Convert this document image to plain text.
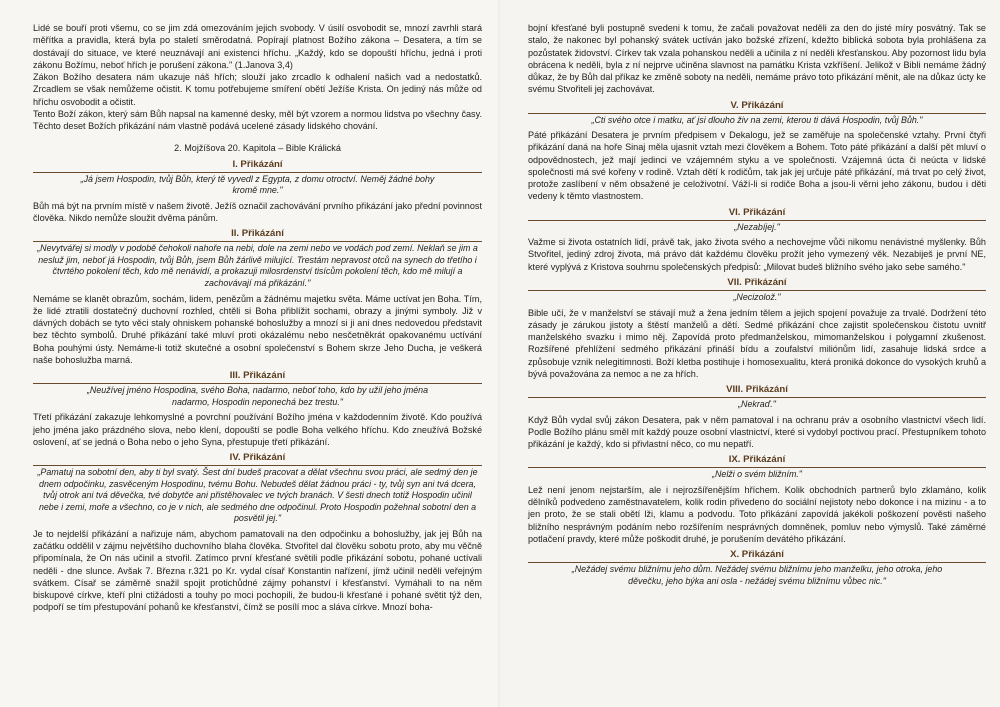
Lidé se bouří proti všemu, co se jim zdá omezováním jejich svobody. V úsilí osvobodit se, mnozí zavrhli stará měřítka a pravidla, která byla po staletí směrodatná. Popírají platnost Božího zákona – Desatera, a tím se dostávají do situace, ve které neuznávají ani existenci hříchu. „Každý, kdo se dopouští hříchu, jedná i proti zákonu Božímu, neboť hřích je porušení zákona." (1.Janova 3,4)

Zákon Božího desatera nám ukazuje náš hřích; slouží jako zrcadlo k odhalení našich vad a nedostatků. Zrcadlem se však nemůžeme očistit. K tomu potřebujeme smíření obětí Ježíše Krista. On jediný nás může od hříchu osvobodit a očistit.

Tento Boží zákon, který sám Bůh napsal na kamenné desky, měl být vzorem a normou lidstva po všechny časy. Těchto deset Božích přikázání nám vlastně podává ucelené zásady lidského chování.

2. Mojžíšova 20. Kapitola – Bible Králická
I. Přikázání
„Já jsem Hospodin, tvůj Bůh, který tě vyvedl z Egypta, z domu otroctví. Neměj žádné bohy kromě mne."

Bůh má být na prvním místě v našem životě. Ježíš označil zachovávání prvního přikázání jako přední povinnost člověka. Nikdo nemůže sloužit dvěma pánům.

II. Přikázání
„Nevytvářej si modly v podobě čehokoli nahoře na nebi, dole na zemi nebo ve vodách pod zemí. Neklaň se jim a nesluž jim, neboť já Hospodin, tvůj Bůh, jsem Bůh žárlivě milující. Trestám nepravost otců na synech do třetího i čtvrtého pokolení těch, kdo mě nenávidí, a prokazuji milosrdenství tisícům pokolení těch, kdo mě milují a zachovávají má přikázání."

Nemáme se klanět obrazům, sochám, lidem, penězům a žádnému majetku světa. Máme uctívat jen Boha. Tím, že lidé ztratili dostatečný duchovní rozhled, chtěli si Boha přiblížit sochami, obrazy a jinými symboly. Již v dávných dobách se tyto věci staly ohniskem pohanské bohoslužby a mnozí si ji ani dnes nedovedou představit bez těchto symbolů. Druhé přikázání také mluví proti okázalému nebo nesčetněkrát opakovanému uctívání Boha pouhými ústy. Nemáme-li totiž skutečné a osobní společenství s Bohem skrze Jeho Ducha, je veškerá naše bohoslužba marná.

III. Přikázání
„Neužívej jméno Hospodina, svého Boha, nadarmo, neboť toho, kdo by užil jeho jména nadarmo, Hospodin neponechá bez trestu."

Třetí přikázání zakazuje lehkomyslné a povrchní používání Božího jména v každodenním životě. Kdo používá jeho jména jako prázdného slova, nebo klení, dopouští se podle Boha velkého hříchu. Kdo zneužívá Božské oslovení, ať se jedná o Boha nebo o jeho Syna, přestupuje třetí přikázání.

IV. Přikázání
„Pamatuj na sobotní den, aby ti byl svatý. Šest dní budeš pracovat a dělat všechnu svou práci, ale sedmý den je dnem odpočinku, zasvěceným Hospodinu, tvému Bohu. Nebudeš dělat žádnou práci - ty, tvůj syn ani tvá dcera, tvůj otrok ani tvá děvečka, tvé dobytče ani přistěhovalec ve tvých branách. V šesti dnech totiž Hospodin učinil nebe i zemi, moře a všechno, co je v nich, ale sedmého dne odpočinul. Proto Hospodin požehnal sobotní den a posvětil jej."

Je to nejdelší přikázání a nařizuje nám, abychom pamatovali na den odpočinku a bohoslužby, jak jej Bůh na začátku oddělil v zájmu největšího duchovního blaha člověka. Stvořitel dal člověku sobotu proto, aby mu věčně připomínala, že On nás učinil a stvořil. Zatímco první křesťané světili podle přikázání sobotu, pohané uctívali neděli - dne slunce. Avšak 7. Března r.321 po Kr. vydal císař Konstantin nařízení, jímž učinil neděli veřejným svátkem. Císař se záměrně snažil spojit protichůdné zájmy pohanství i křesťanství. Vymáhali to na něm biskupové církve, kteří plni ctižádosti a touhy po moci pochopili, že budou-li křesťané i pohané světit týž den, podpoří se tím přestupování pohanů ke křesťanství, čímž se posílí moc a sláva církve. Mnozí boha-

bojní křesťané byli postupně svedeni k tomu, že začali považovat neděli za den do jisté míry posvátný. Tak se stalo, že nakonec byl pohanský svátek uctíván jako božské zřízení, kdežto biblická sobota byla prohlášena za pozůstatek židovství. Církev tak vzala pohanskou neděli a učinila z ní neděli křesťanskou. Aby pozornost lidu byla obrácena k neděli, byla z ní nejprve učiněna slavnost na památku Krista vzkříšení. Jelikož v Bibli nemáme žádný důkaz, že by Bůh dal příkaz ke změně soboty na neděli, nemáme právo toto přikázání měnit, ale na důkaz úcty ke svému Stvořiteli jej zachovávat.

V. Přikázání
„Cti svého otce i matku, ať jsi dlouho živ na zemi, kterou ti dává Hospodin, tvůj Bůh."

Páté přikázání Desatera je prvním předpisem v Dekalogu, jež se zaměřuje na společenské vztahy. První čtyři přikázání daná na hoře Sinaj měla ujasnit vztah mezi člověkem a Bohem. Toto páté přikázání a další pět mluví o odpovědnostech, jež mají jedinci ve vzájemném styku a ve společnosti. Vzájemná úcta či neúcta v lidské společnosti má své kořeny v rodině. Vztah dětí k rodičům, tak jak jej určuje páté přikázání, má trvat po celý život, protože zaslíbení v něm obsažené je celoživotní. Váží-li si rodiče Boha a jsou-li věrni jeho zákonu, budou i děti vedeny k těmto vlastnostem.

VI. Přikázání
„Nezabíjej."

Važme si života ostatních lidí, právě tak, jako života svého a nechovejme vůči nikomu nenávistné myšlenky. Bůh Stvořitel, jediný zdroj života, má právo dát každému člověku prožít jeho vymezený věk. Nezabiješ je první NE, které vyplývá z Kristova souhrnu společenských předpisů: „Milovat budeš bližního svého jako sebe samého."

VII. Přikázání
„Necizolož."

Bible učí, že v manželství se stávají muž a žena jedním tělem a jejich spojení považuje za trvalé. Dodržení této zásady je zárukou jistoty a štěstí manželů a dětí. Sedmé přikázání chce zajistit společenskou čistotu uvnitř manželského svazku i mimo něj. Zapovídá proto předmanželskou, mimomanželskou i polygamní zkušenost. Rozšířené přehlížení sedmého přikázání přináší bídu a zoufalství miliónům lidí, zasahuje lidská srdce a způsobuje vznik nelegitimnosti. Boží kletba postihuje i homosexualitu, která proniká dokonce do vysokých kruhů a bývá považována za nemoc a ne za hřích.

VIII. Přikázání
„Nekraď."

Když Bůh vydal svůj zákon Desatera, pak v něm pamatoval i na ochranu práv a osobního vlastnictví všech lidí. Podle Božího plánu směl mít každý pouze osobní vlastnictví, které si vydobyl poctivou prací. Přestupníkem tohoto přikázání je každý, kdo si přivlastní něco, co mu nepatří.

IX. Přikázání
„Nelži o svém bližním."

Lež není jenom nejstarším, ale i nejrozšířenějším hříchem. Kolik obchodních partnerů bylo zklamáno, kolik dělníků podvedeno zaměstnavatelem, kolik rodin přivedeno do sociální nejistoty nebo dokonce i na mizinu - a to jen proto, že se stali obětí lži, klamu a podvodu. Toto přikázání zapovídá jakékoli poškození pověsti našeho bližního nesprávným podáním nebo rozšířením nesprávných domněnek, pomluv nebo výmyslů. Také záměrné potlačení pravdy, které může poškodit druhé, je porušením devátého přikázání.

X. Přikázání
„Nežádej svému bližnímu jeho dům. Nežádej svému bližnímu jeho manželku, jeho otroka, jeho děvečku, jeho býka ani osla - nežádej svému bližnímu vůbec nic."
